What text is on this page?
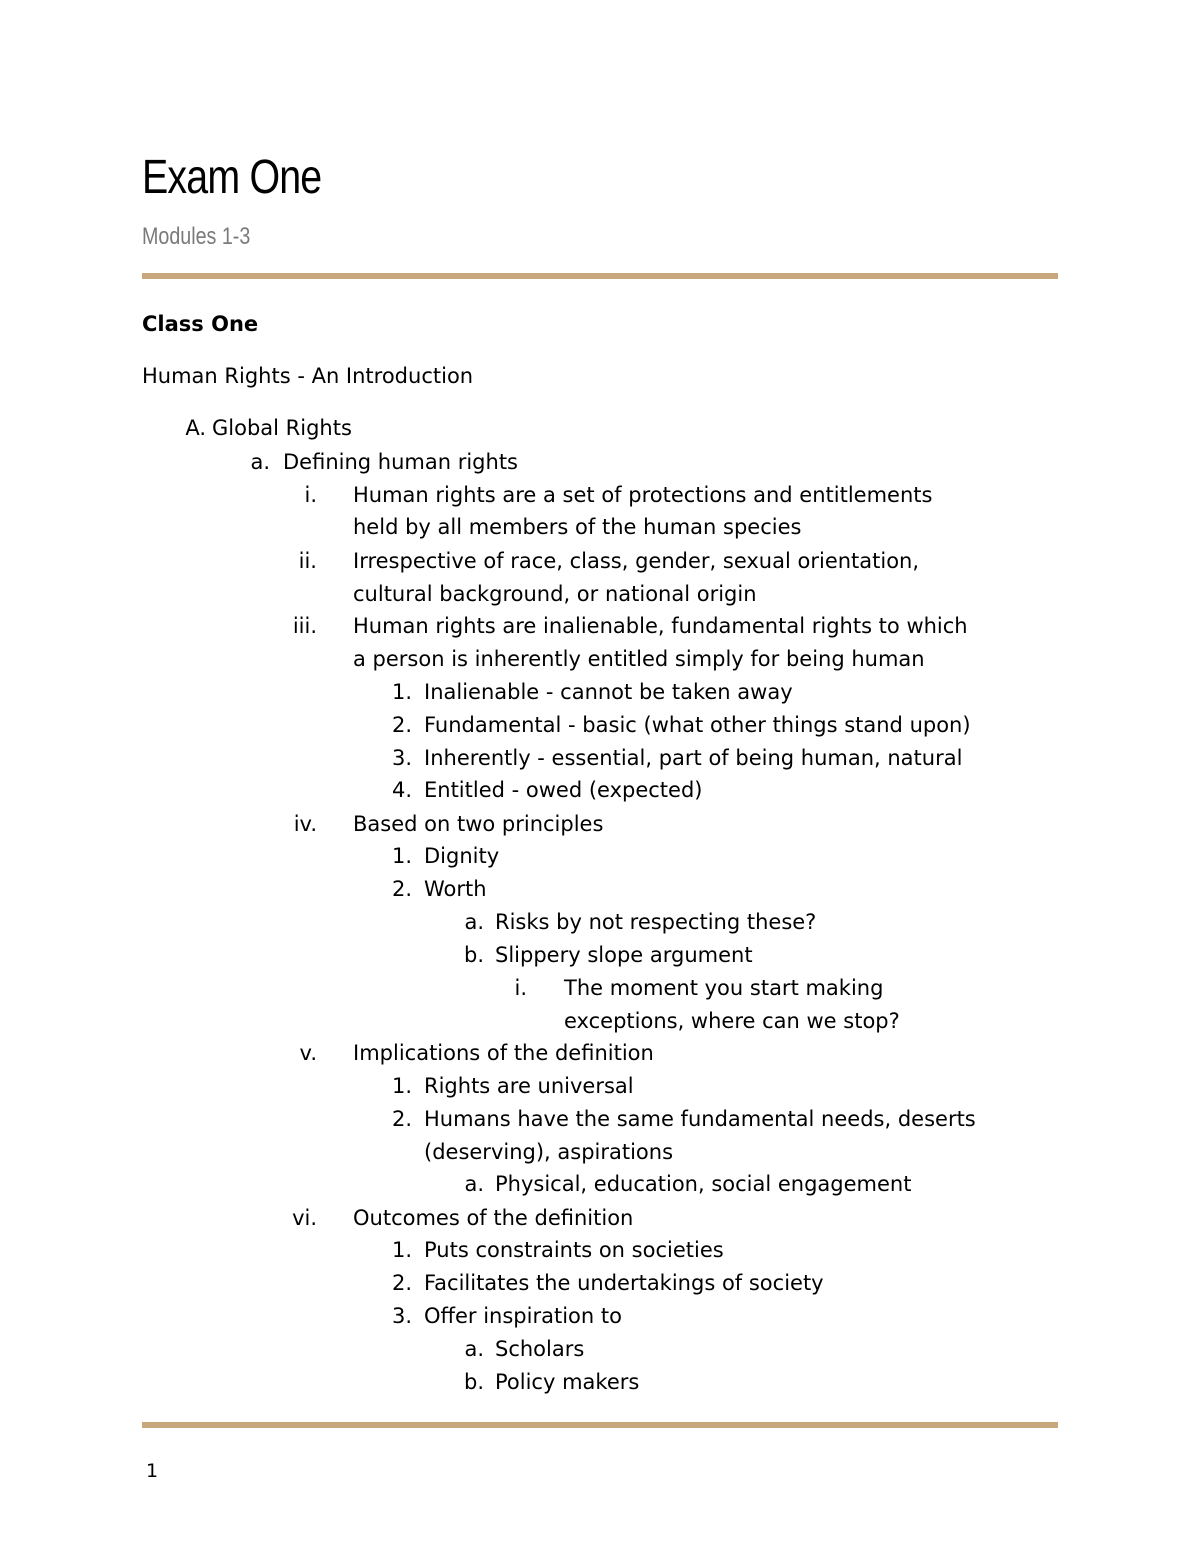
Exam One
Modules 1-3
Class One
Human Rights - An Introduction
A. Global Rights
a. Defining human rights
i. Human rights are a set of protections and entitlements
held by all members of the human species
ii. Irrespective of race, class, gender, sexual orientation,
cultural background, or national origin
iii. Human rights are inalienable, fundamental rights to which
a person is inherently entitled simply for being human
1. Inalienable - cannot be taken away
2. Fundamental - basic (what other things stand upon)
3. Inherently - essential, part of being human, natural
4. Entitled - owed (expected)
iv. Based on two principles
1. Dignity
2. Worth
a. Risks by not respecting these?
b. Slippery slope argument
i. The moment you start making
exceptions, where can we stop?
v. Implications of the definition
1. Rights are universal
2. Humans have the same fundamental needs, deserts
(deserving), aspirations
a. Physical, education, social engagement
vi. Outcomes of the definition
1. Puts constraints on societies
2. Facilitates the undertakings of society
3. Offer inspiration to
a. Scholars
b. Policy makers
1
